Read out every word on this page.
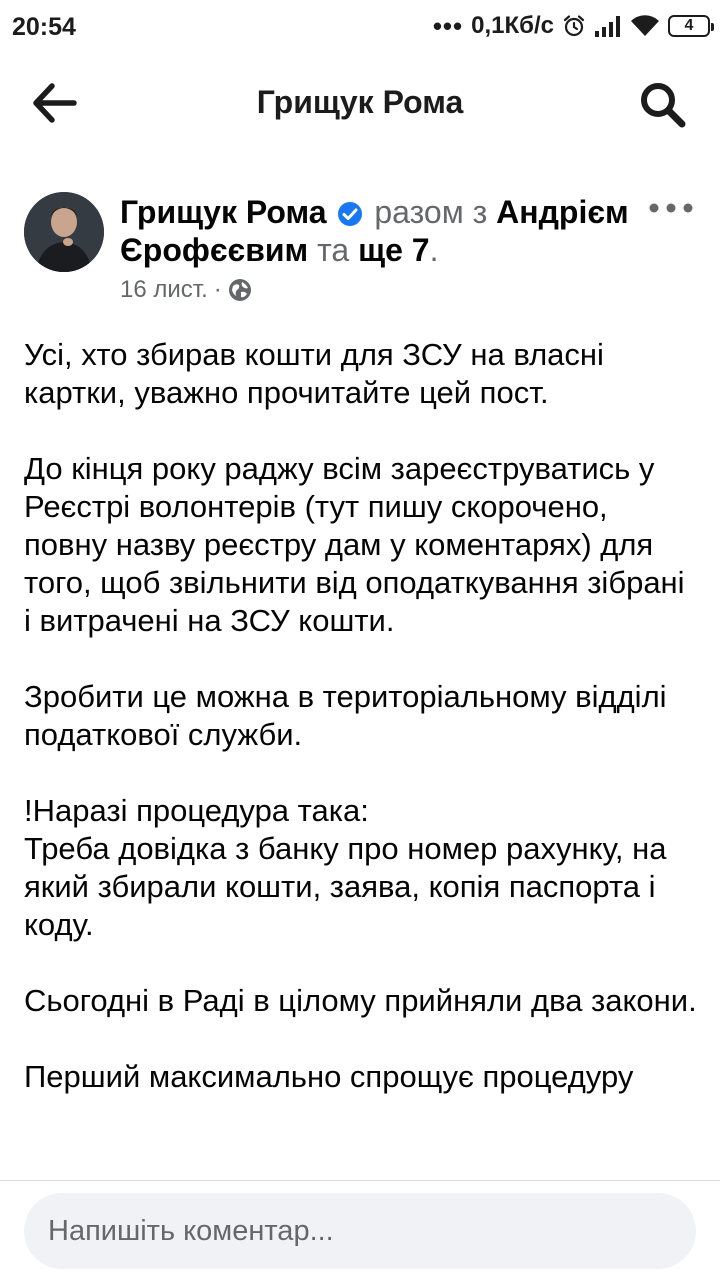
20:54	••• 0,1Кб/с	4
Грищук Рома
Грищук Рома разом з Андрієм Єрофєєвим та ще 7.
16 лист. ·

Усі, хто збирав кошти для ЗСУ на власні картки, уважно прочитайте цей пост.

До кінця року раджу всім зареєструватись у Реєстрі волонтерів (тут пишу скорочено, повну назву реєстру дам у коментарях) для того, щоб звільнити від оподаткування зібрані і витрачені на ЗСУ кошти.

Зробити це можна в територіальному відділі податкової служби.

!Наразі процедура така:
Треба довідка з банку про номер рахунку, на який збирали кошти, заява, копія паспорта і коду.

Сьогодні в Раді в цілому прийняли два закони.

Перший максимально спрощує процедуру

Напишіть коментар...
